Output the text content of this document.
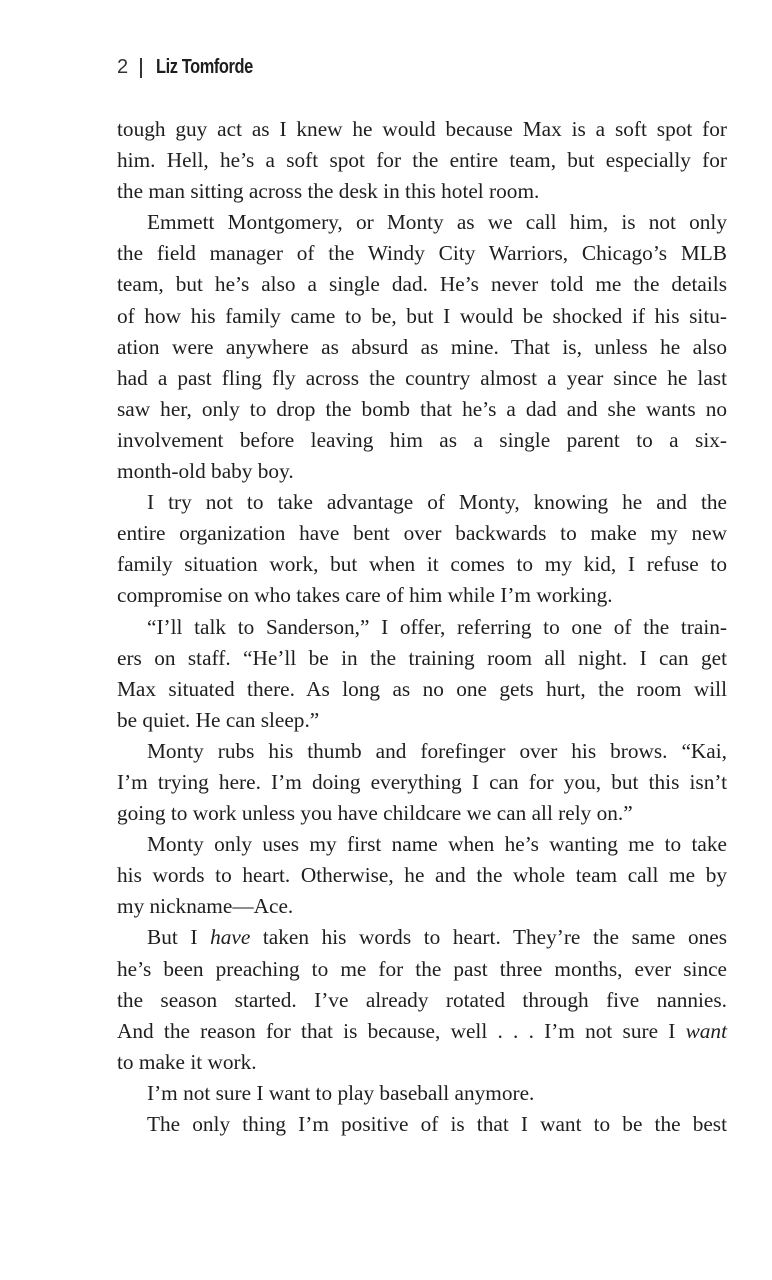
2 Liz Tomforde
tough guy act as I knew he would because Max is a soft spot for
him. Hell, he’s a soft spot for the entire team, but especially for
the man sitting across the desk in this hotel room.
Emmett Montgomery, or Monty as we call him, is not only
the field manager of the Windy City Warriors, Chicago’s MLB
team, but he’s also a single dad. He’s never told me the details
of how his family came to be, but I would be shocked if his situ-
ation were anywhere as absurd as mine. That is, unless he also
had a past fling fly across the country almost a year since he last
saw her, only to drop the bomb that he’s a dad and she wants no
involvement before leaving him as a single parent to a six-
month-old baby boy.
I try not to take advantage of Monty, knowing he and the
entire organization have bent over backwards to make my new
family situation work, but when it comes to my kid, I refuse to
compromise on who takes care of him while I’m working.
“I’ll talk to Sanderson,” I offer, referring to one of the train-
ers on staff. “He’ll be in the training room all night. I can get
Max situated there. As long as no one gets hurt, the room will
be quiet. He can sleep.”
Monty rubs his thumb and forefinger over his brows. “Kai,
I’m trying here. I’m doing everything I can for you, but this isn’t
going to work unless you have childcare we can all rely on.”
Monty only uses my first name when he’s wanting me to take
his words to heart. Otherwise, he and the whole team call me by
my nickname—Ace.
But I have taken his words to heart. They’re the same ones
he’s been preaching to me for the past three months, ever since
the season started. I’ve already rotated through five nannies.
And the reason for that is because, well . . . I’m not sure I want
to make it work.
I’m not sure I want to play baseball anymore.
The only thing I’m positive of is that I want to be the best
